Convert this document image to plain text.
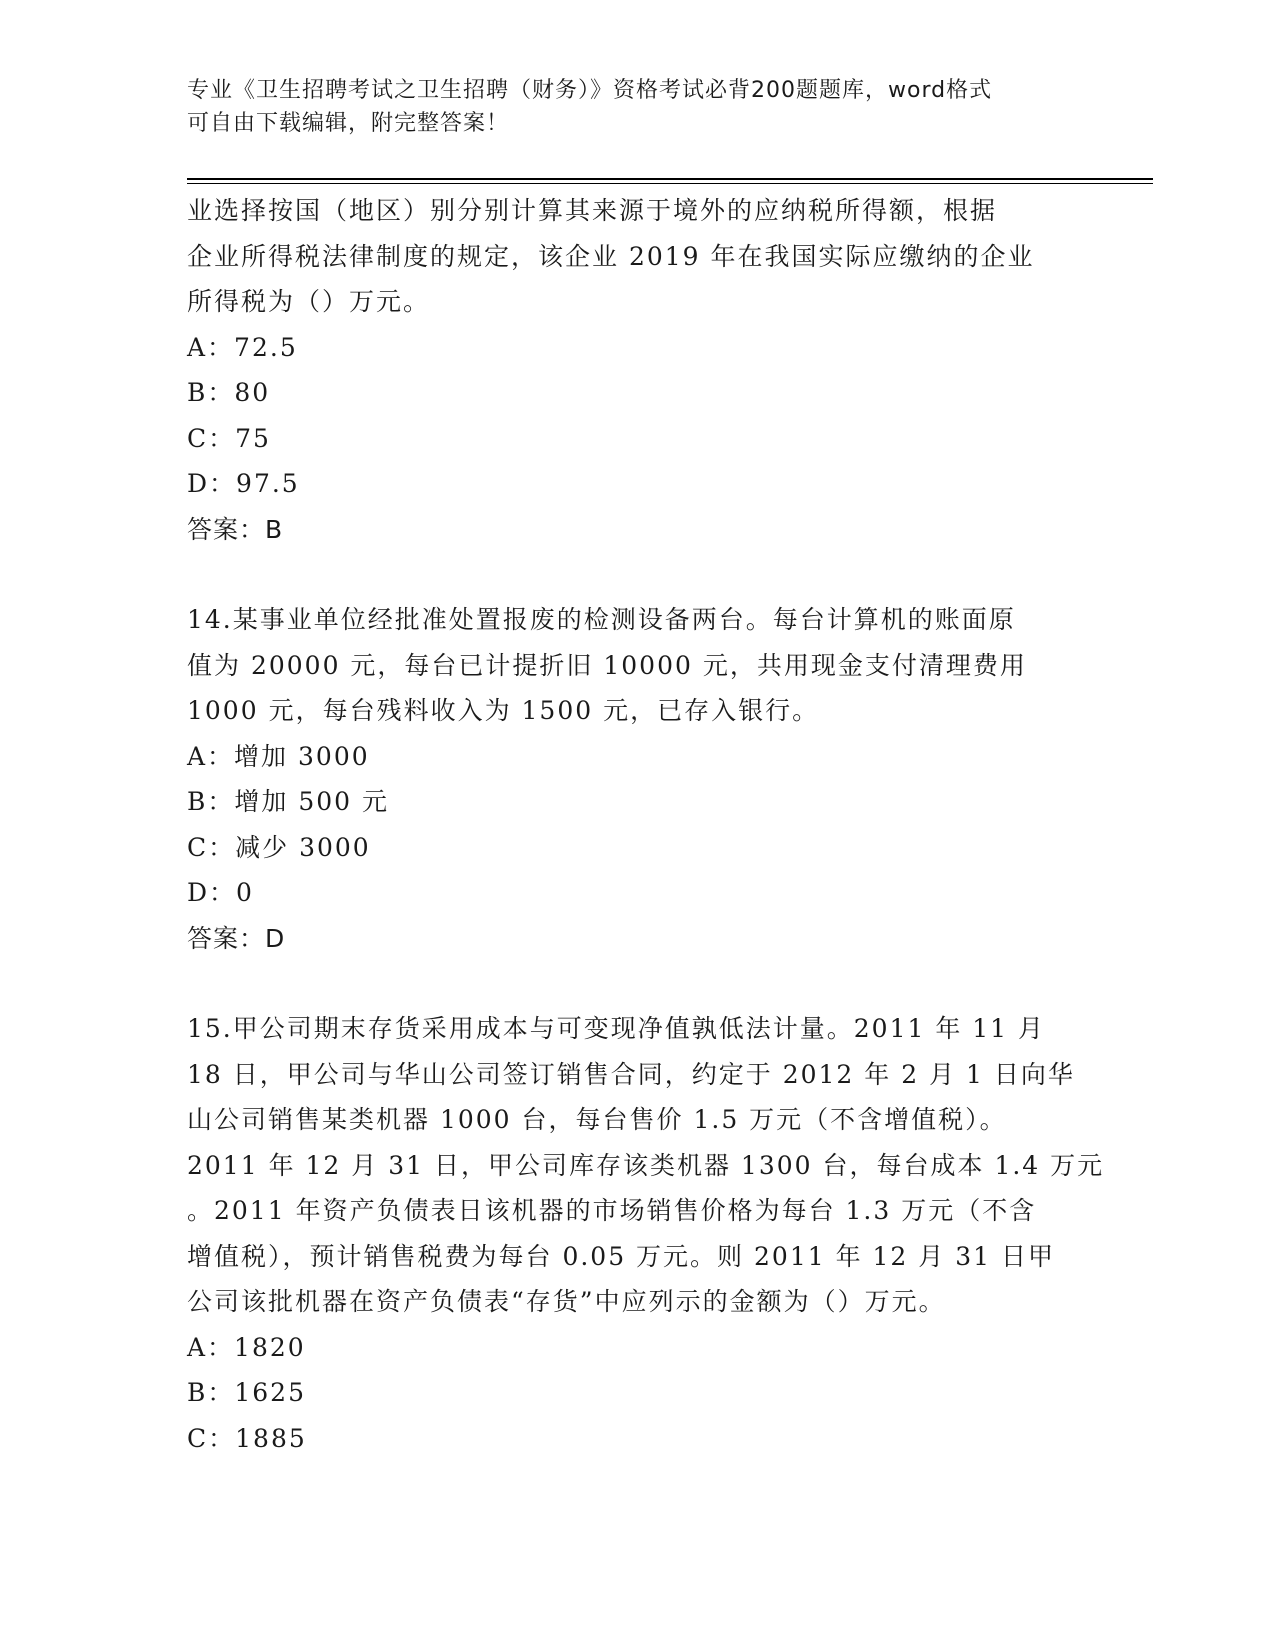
专业《卫生招聘考试之卫生招聘（财务）》资格考试必背200题题库，word格式
可自由下载编辑，附完整答案！
业选择按国（地区）别分别计算其来源于境外的应纳税所得额，根据
企业所得税法律制度的规定，该企业 2019 年在我国实际应缴纳的企业
所得税为（）万元。
A：72.5
B：80
C：75
D：97.5
答案：B
14.某事业单位经批准处置报废的检测设备两台。每台计算机的账面原
值为 20000 元，每台已计提折旧 10000 元，共用现金支付清理费用
1000 元，每台残料收入为 1500 元，已存入银行。
A：增加 3000
B：增加 500 元
C：减少 3000
D：0
答案：D
15.甲公司期末存货采用成本与可变现净值孰低法计量。2011 年 11 月
18 日，甲公司与华山公司签订销售合同，约定于 2012 年 2 月 1 日向华
山公司销售某类机器 1000 台，每台售价 1.5 万元（不含增值税）。
2011 年 12 月 31 日，甲公司库存该类机器 1300 台，每台成本 1.4 万元
。2011 年资产负债表日该机器的市场销售价格为每台 1.3 万元（不含
增值税），预计销售税费为每台 0.05 万元。则 2011 年 12 月 31 日甲
公司该批机器在资产负债表“存货”中应列示的金额为（）万元。
A：1820
B：1625
C：1885
